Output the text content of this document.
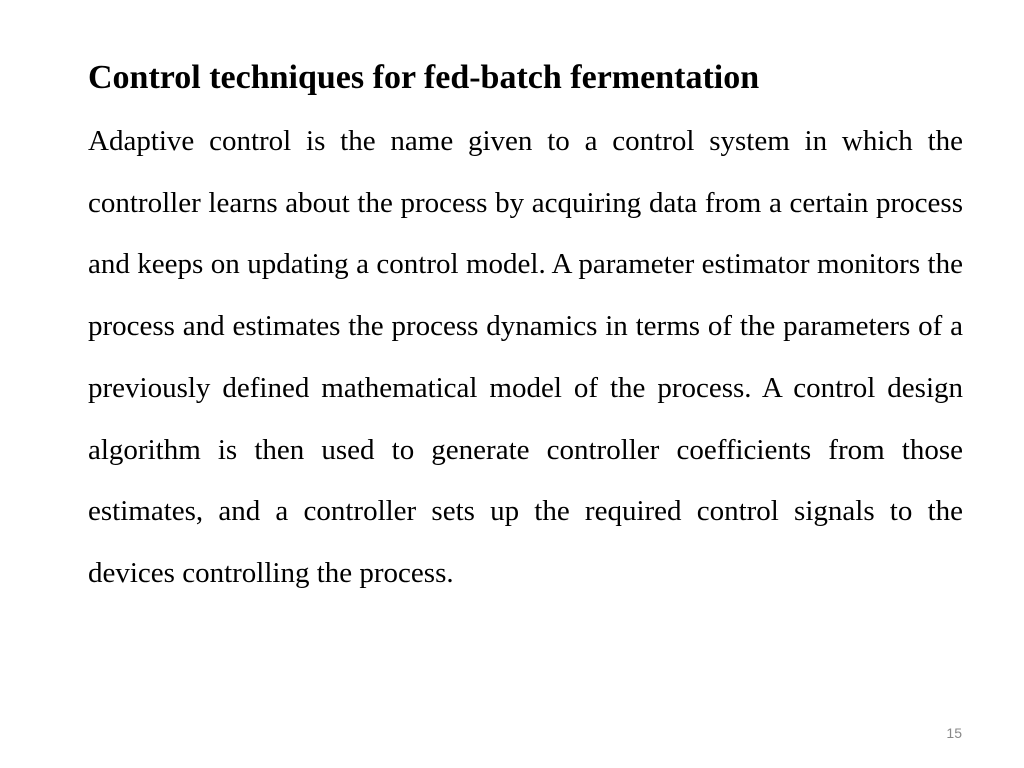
Control techniques for fed-batch fermentation

Adaptive control is the name given to a control system in which the controller learns about the process by acquiring data from a certain process and keeps on updating a control model. A parameter estimator monitors the process and estimates the process dynamics in terms of the parameters of a previously defined mathematical model of the process. A control design algorithm is then used to generate controller coefficients from those estimates, and a controller sets up the required control signals to the devices controlling the process.

15
